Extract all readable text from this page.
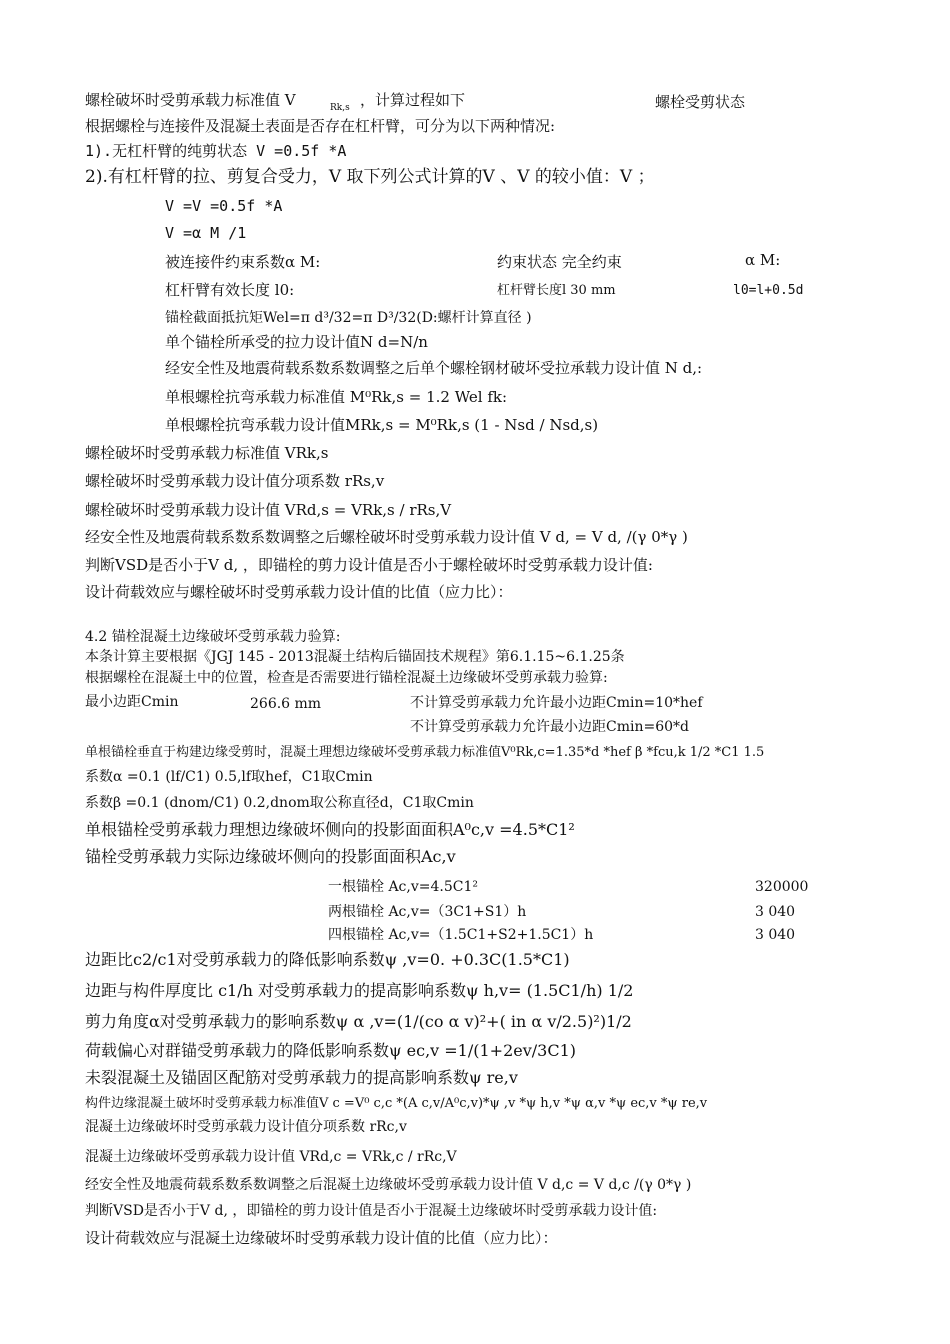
螺栓破坏时受剪承载力标准值 V	Rk,s ，计算过程如下	螺栓受剪状态
根据螺栓与连接件及混凝土表面是否存在杠杆臂，可分为以下两种情况:
1).无杠杆臂的纯剪状态 V =0.5f *A
2).有杠杆臂的拉、剪复合受力，V 取下列公式计算的V 、V 的较小值：V ；
V =V =0.5f *A
V =α M /1
被连接件约束系数α M:	约束状态 完全约束	α M:
杠杆臂有效长度 l0:	杠杆臂长度l 30 mm	l0=l+0.5d
锚栓截面抵抗矩Wel=π d³/32=π D³/32(D:螺杆计算直径 )
单个锚栓所承受的拉力设计值N d=N/n
经安全性及地震荷载系数系数调整之后单个螺栓钢材破坏受拉承载力设计值 N d,:
单根螺栓抗弯承载力标准值 M⁰Rk,s = 1.2 Wel fk:
单根螺栓抗弯承载力设计值MRk,s = M⁰Rk,s (1 - Nsd / Nsd,s)
螺栓破坏时受剪承载力标准值 VRk,s
螺栓破坏时受剪承载力设计值分项系数 rRs,v
螺栓破坏时受剪承载力设计值 VRd,s = VRk,s / rRs,V
经安全性及地震荷载系数系数调整之后螺栓破坏时受剪承载力设计值 V d, = V d, /(γ 0*γ )
判断VSD是否小于V d, ，即锚栓的剪力设计值是否小于螺栓破坏时受剪承载力设计值:
设计荷载效应与螺栓破坏时受剪承载力设计值的比值（应力比）：
4.2 锚栓混凝土边缘破坏受剪承载力验算:
本条计算主要根据《JGJ 145 - 2013混凝土结构后锚固技术规程》第6.1.15~6.1.25条
根据螺栓在混凝土中的位置，检查是否需要进行锚栓混凝土边缘破坏受剪承载力验算:
最小边距Cmin	266.6 mm	不计算受剪承载力允许最小边距Cmin=10*hef
不计算受剪承载力允许最小边距Cmin=60*d
单根锚栓垂直于构建边缘受剪时，混凝土理想边缘破坏受剪承载力标准值V⁰Rk,c=1.35*d *hef β *fcu,k 1/2 *C1 1.5
系数α =0.1 (lf/C1) 0.5,lf取hef，C1取Cmin
系数β =0.1 (dnom/C1) 0.2,dnom取公称直径d，C1取Cmin
单根锚栓受剪承载力理想边缘破坏侧向的投影面面积A⁰c,v =4.5*C1²
锚栓受剪承载力实际边缘破坏侧向的投影面面积Ac,v
一根锚栓 Ac,v=4.5C1²	320000
两根锚栓 Ac,v=（3C1+S1）h	3 040
四根锚栓 Ac,v=（1.5C1+S2+1.5C1）h	3 040
边距比c2/c1对受剪承载力的降低影响系数ψ ,v=0. +0.3C(1.5*C1)
边距与构件厚度比 c1/h 对受剪承载力的提高影响系数ψ h,v= (1.5C1/h) 1/2
剪力角度α对受剪承载力的影响系数ψ α ,v=(1/(co α v)²+( in α v/2.5)²)1/2
荷载偏心对群锚受剪承载力的降低影响系数ψ ec,v =1/(1+2ev/3C1)
未裂混凝土及锚固区配筋对受剪承载力的提高影响系数ψ re,v
构件边缘混凝土破坏时受剪承载力标准值V c =V⁰ c,c *(A c,v/A⁰c,v)*ψ ,v *ψ h,v *ψ α,v *ψ ec,v *ψ re,v
混凝土边缘破坏时受剪承载力设计值分项系数 rRc,v
混凝土边缘破坏受剪承载力设计值 VRd,c = VRk,c / rRc,V
经安全性及地震荷载系数系数调整之后混凝土边缘破坏受剪承载力设计值 V d,c = V d,c /(γ 0*γ )
判断VSD是否小于V d, ，即锚栓的剪力设计值是否小于混凝土边缘破坏时受剪承载力设计值:
设计荷载效应与混凝土边缘破坏时受剪承载力设计值的比值（应力比）：
